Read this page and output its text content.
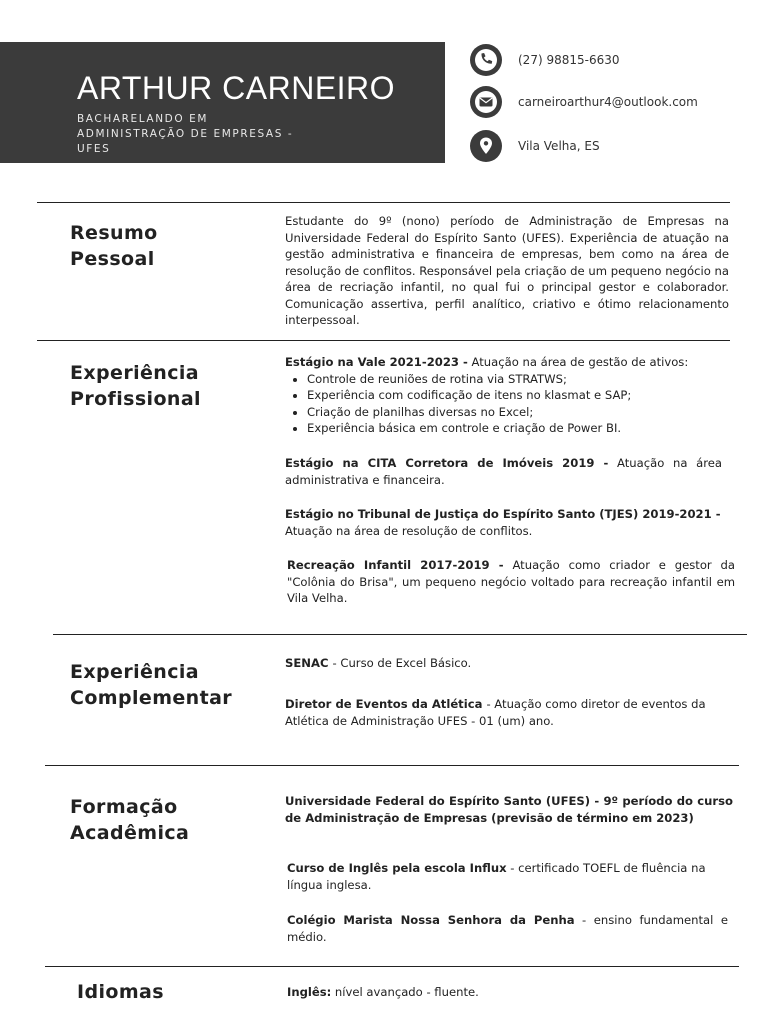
ARTHUR CARNEIRO
BACHARELANDO EM
ADMINISTRAÇÃO DE EMPRESAS -
UFES
(27) 98815-6630
carneiroarthur4@outlook.com
Vila Velha, ES
Resumo
Pessoal
Estudante do 9º (nono) período de Administração de Empresas na Universidade Federal do Espírito Santo (UFES). Experiência de atuação na gestão administrativa e financeira de empresas, bem como na área de resolução de conflitos. Responsável pela criação de um pequeno negócio na área de recriação infantil, no qual fui o principal gestor e colaborador. Comunicação assertiva, perfil analítico, criativo e ótimo relacionamento interpessoal.
Experiência
Profissional

Estágio na Vale 2021-2023 - Atuação na área de gestão de ativos:

• Controle de reuniões de rotina via STRATWS;
• Experiência com codificação de itens no klasmat e SAP;
• Criação de planilhas diversas no Excel;
• Experiência básica em controle e criação de Power BI.
Estágio na CITA Corretora de Imóveis 2019 - Atuação na área administrativa e financeira.
Estágio no Tribunal de Justiça do Espírito Santo (TJES) 2019-2021 -
Atuação na área de resolução de conflitos.
Recreação Infantil 2017-2019 - Atuação como criador e gestor da "Colônia do Brisa", um pequeno negócio voltado para recreação infantil em Vila Velha.
Experiência
Complementar
SENAC - Curso de Excel Básico.
Diretor de Eventos da Atlética - Atuação como diretor de eventos da Atlética de Administração UFES - 01 (um) ano.
Formação
Acadêmica
Universidade Federal do Espírito Santo (UFES) - 9º período do curso de Administração de Empresas (previsão de término em 2023)
Curso de Inglês pela escola Influx - certificado TOEFL de fluência na língua inglesa.
Colégio Marista Nossa Senhora da Penha - ensino fundamental e médio.
Idiomas	Inglês: nível avançado - fluente.
